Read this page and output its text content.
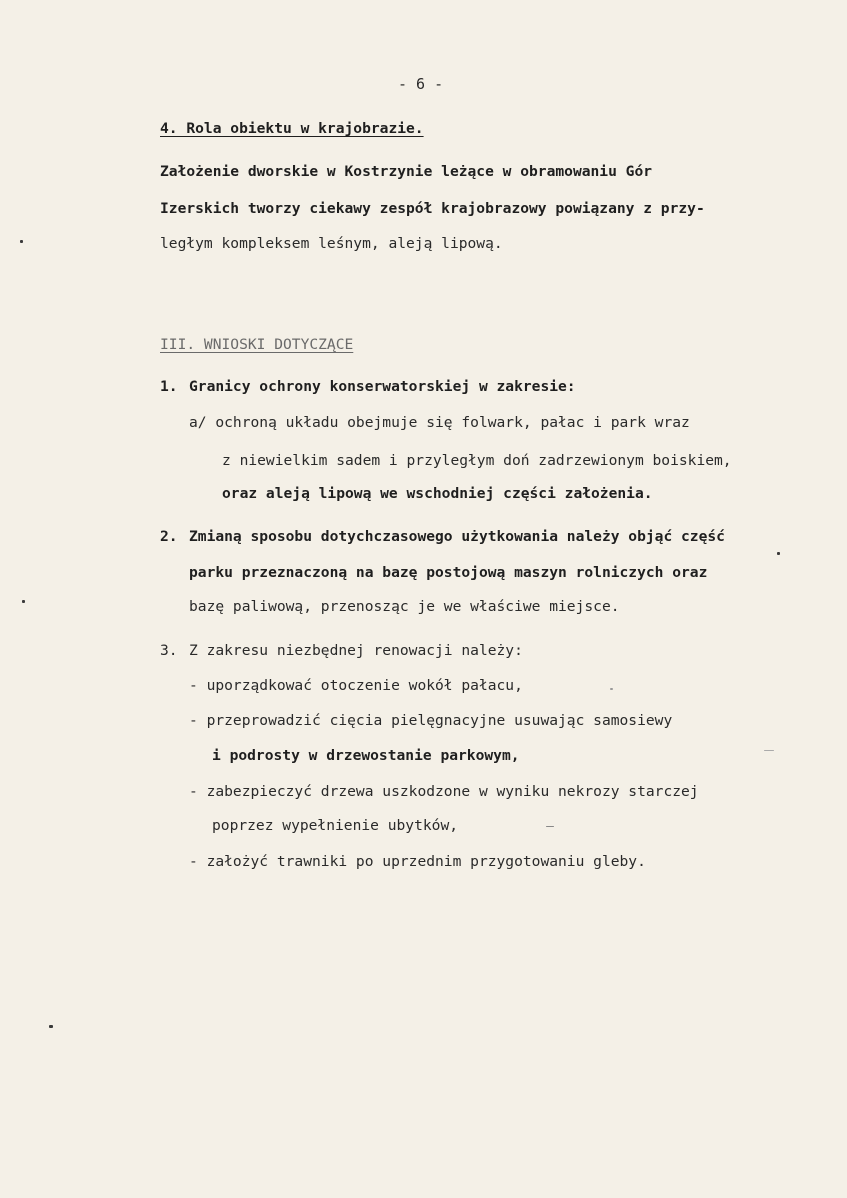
- 6 -
4. Rola obiektu w krajobrazie.
Założenie dworskie w Kostrzynie leżące w obramowaniu Gór
Izerskich tworzy ciekawy zespół krajobrazowy powiązany z przy-
ległym kompleksem leśnym, aleją lipową.
III. WNIOSKI DOTYCZĄCE
1. Granicy ochrony konserwatorskiej w zakresie:
a/ ochroną układu obejmuje się folwark, pałac i park wraz
z niewielkim sadem i przyległym doń zadrzewionym boiskiem,
oraz aleją lipową we wschodniej części założenia.
2. Zmianą sposobu dotychczasowego użytkowania należy objąć część
parku przeznaczoną na bazę postojową maszyn rolniczych oraz
bazę paliwową, przenosząc je we właściwe miejsce.
3. Z zakresu niezbędnej renowacji należy:
- uporządkować otoczenie wokół pałacu,
- przeprowadzić cięcia pielęgnacyjne usuwając samosiewy
i podrosty w drzewostanie parkowym,
- zabezpieczyć drzewa uszkodzone w wyniku nekrozy starczej
poprzez wypełnienie ubytków,
- założyć trawniki po uprzednim przygotowaniu gleby.
